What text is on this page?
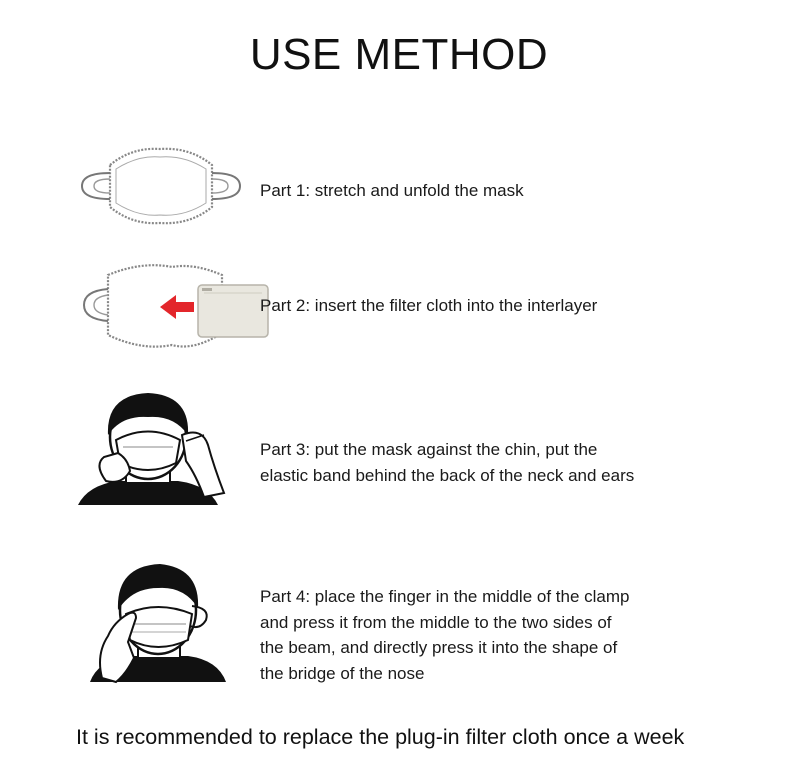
USE METHOD
Part 1: stretch and unfold the mask
Part 2: insert the filter cloth into the interlayer
Part 3: put the mask against the chin, put the
elastic band behind the back of the neck and ears
Part 4: place the finger in the middle of the clamp
and press it from the middle to the two sides of
the beam, and directly press it into the shape of
the bridge of the nose
It is recommended to replace the plug-in filter cloth once a week
